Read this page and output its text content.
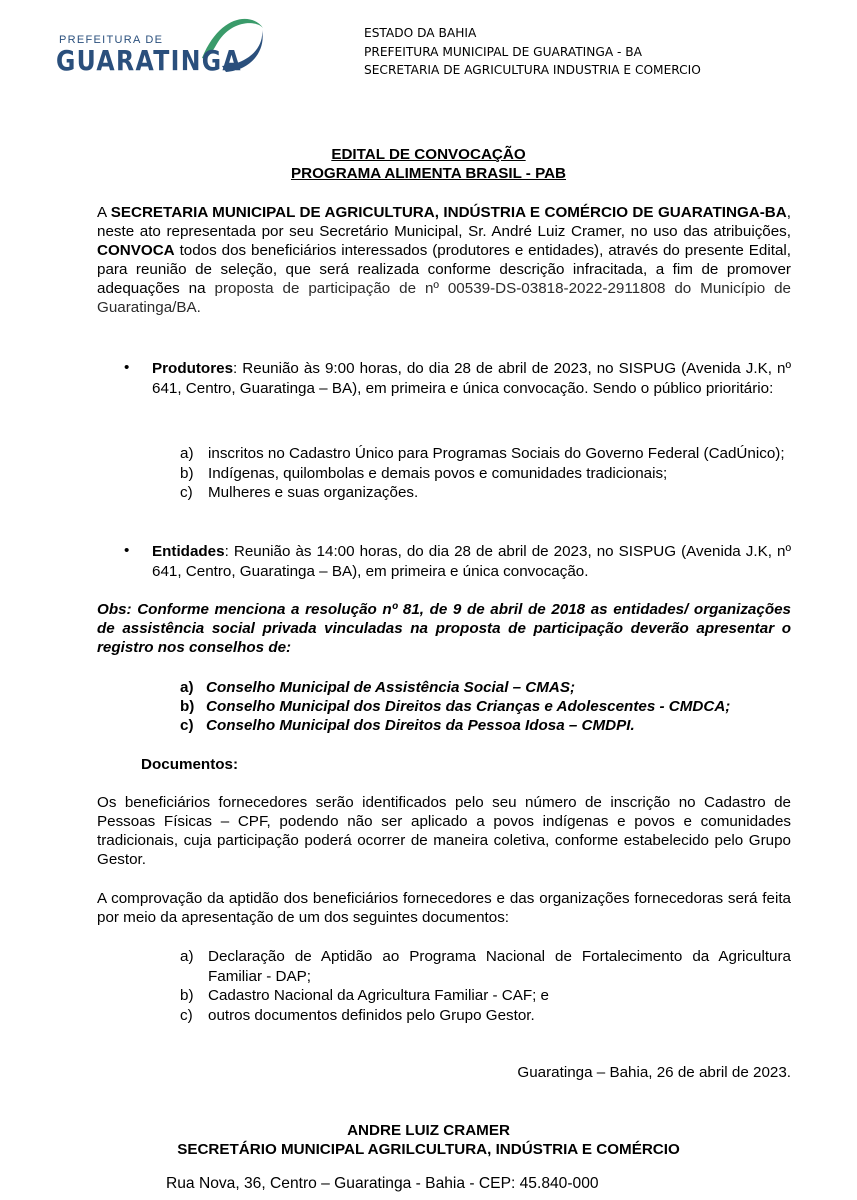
PREFEITURA DE
GUARATINGA
ESTADO DA BAHIA
PREFEITURA MUNICIPAL DE GUARATINGA - BA
SECRETARIA DE AGRICULTURA INDUSTRIA E COMERCIO
EDITAL DE CONVOCAÇÃO
PROGRAMA ALIMENTA BRASIL - PAB
A SECRETARIA MUNICIPAL DE AGRICULTURA, INDÚSTRIA E COMÉRCIO DE GUARATINGA-BA, neste ato representada por seu Secretário Municipal, Sr. André Luiz Cramer, no uso das atribuições, CONVOCA todos dos beneficiários interessados (produtores e entidades), através do presente Edital, para reunião de seleção, que será realizada conforme descrição infracitada, a fim de promover adequações na proposta de participação de nº 00539-DS-03818-2022-2911808 do Município de Guaratinga/BA.
• Produtores: Reunião às 9:00 horas, do dia 28 de abril de 2023, no SISPUG (Avenida J.K, nº 641, Centro, Guaratinga – BA), em primeira e única convocação. Sendo o público prioritário:
a) inscritos no Cadastro Único para Programas Sociais do Governo Federal (CadÚnico);
b) Indígenas, quilombolas e demais povos e comunidades tradicionais;
c) Mulheres e suas organizações.
• Entidades: Reunião às 14:00 horas, do dia 28 de abril de 2023, no SISPUG (Avenida J.K, nº 641, Centro, Guaratinga – BA), em primeira e única convocação.
Obs: Conforme menciona a resolução nº 81, de 9 de abril de 2018 as entidades/ organizações de assistência social privada vinculadas na proposta de participação deverão apresentar o registro nos conselhos de:
a) Conselho Municipal de Assistência Social – CMAS;
b) Conselho Municipal dos Direitos das Crianças e Adolescentes - CMDCA;
c) Conselho Municipal dos Direitos da Pessoa Idosa – CMDPI.
Documentos:
Os beneficiários fornecedores serão identificados pelo seu número de inscrição no Cadastro de Pessoas Físicas – CPF, podendo não ser aplicado a povos indígenas e povos e comunidades tradicionais, cuja participação poderá ocorrer de maneira coletiva, conforme estabelecido pelo Grupo Gestor.
A comprovação da aptidão dos beneficiários fornecedores e das organizações fornecedoras será feita por meio da apresentação de um dos seguintes documentos:
a) Declaração de Aptidão ao Programa Nacional de Fortalecimento da Agricultura Familiar - DAP;
b) Cadastro Nacional da Agricultura Familiar - CAF; e
c) outros documentos definidos pelo Grupo Gestor.
Guaratinga – Bahia, 26 de abril de 2023.
ANDRE LUIZ CRAMER
SECRETÁRIO MUNICIPAL AGRILCULTURA, INDÚSTRIA E COMÉRCIO
Rua Nova, 36, Centro – Guaratinga - Bahia - CEP: 45.840-000
